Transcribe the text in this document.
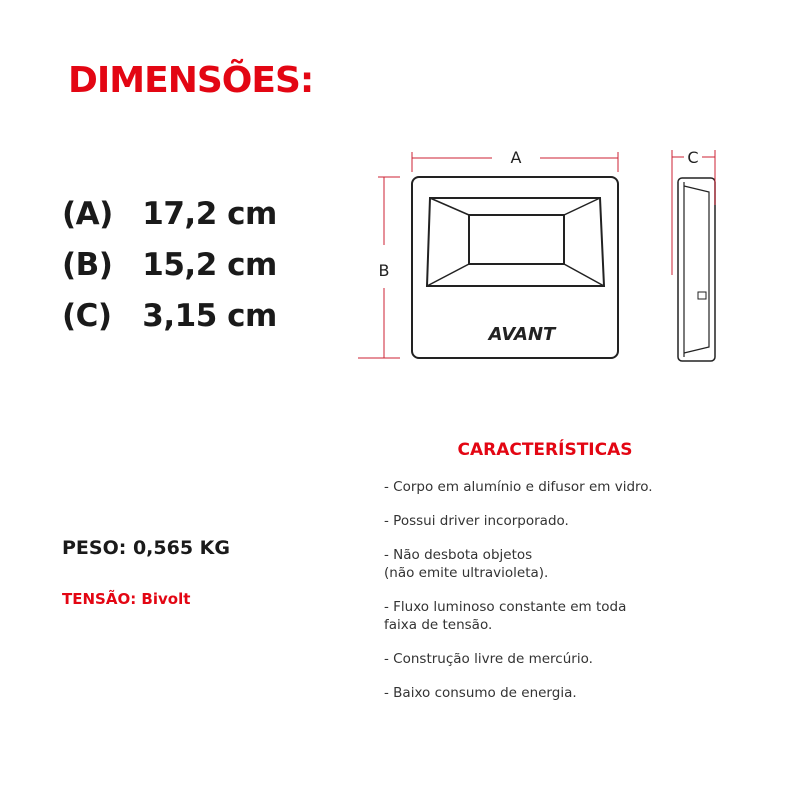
DIMENSÕES:
(A) 17,2 cm
(B) 15,2 cm
(C) 3,15 cm
PESO: 0,565 KG
TENSÃO: Bivolt
AVANT
A
B
C
CARACTERÍSTICAS
- Corpo em alumínio e difusor em vidro.
- Possui driver incorporado.
- Não desbota objetos
(não emite ultravioleta).
- Fluxo luminoso constante em toda
faixa de tensão.
- Construção livre de mercúrio.
- Baixo consumo de energia.
